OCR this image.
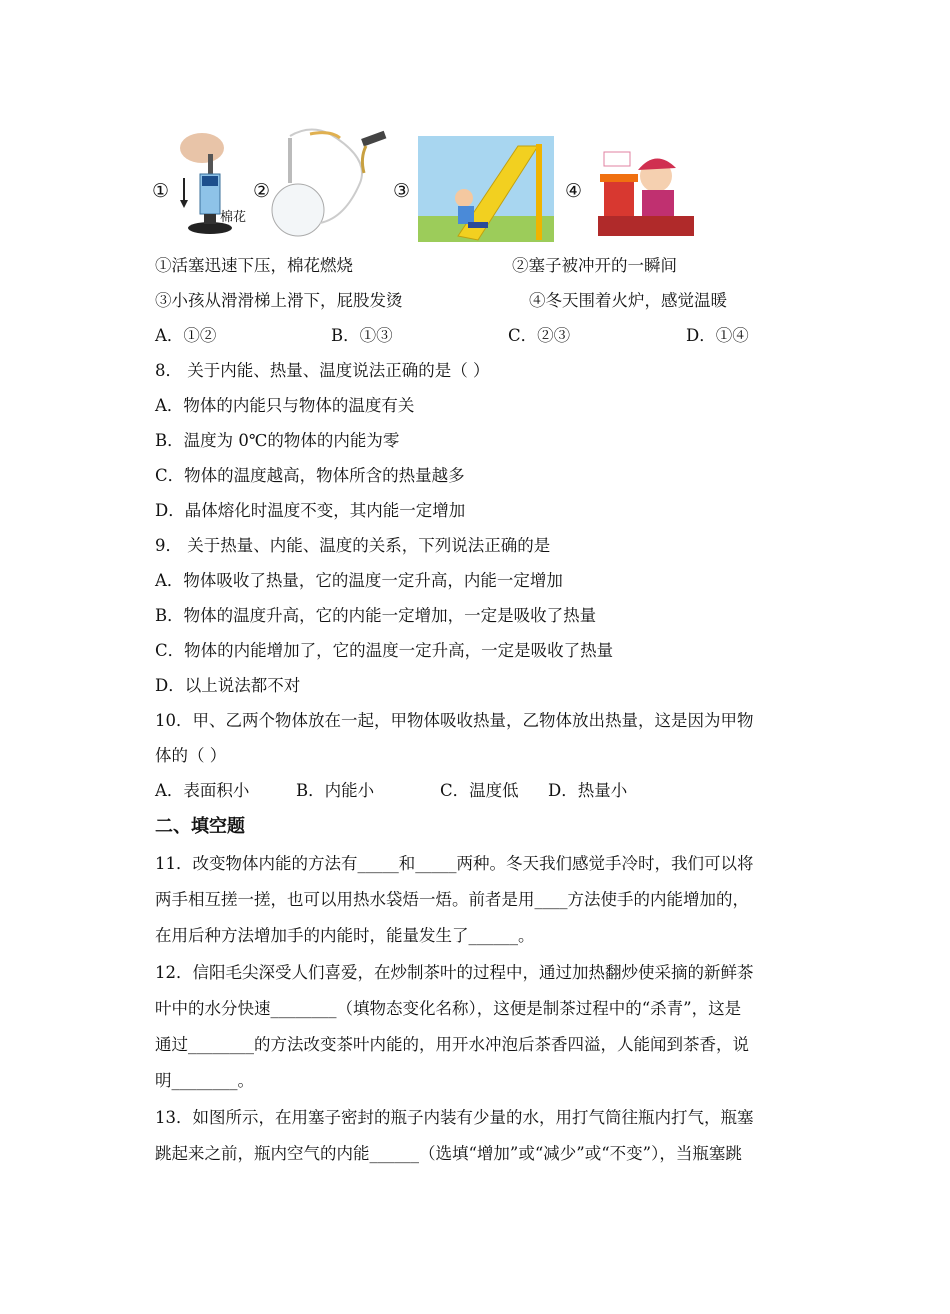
①
棉花
②	③	④
①活塞迅速下压，棉花燃烧	②塞子被冲开的一瞬间
③小孩从滑滑梯上滑下，屁股发烫	④冬天围着火炉，感觉温暖
A．①②	B．①③	C．②③	D．①④
8． 关于内能、热量、温度说法正确的是（ ）
A．物体的内能只与物体的温度有关
B．温度为 0℃的物体的内能为零
C．物体的温度越高，物体所含的热量越多
D．晶体熔化时温度不变，其内能一定增加
9． 关于热量、内能、温度的关系，下列说法正确的是
A．物体吸收了热量，它的温度一定升高，内能一定增加
B．物体的温度升高，它的内能一定增加，一定是吸收了热量
C．物体的内能增加了，它的温度一定升高，一定是吸收了热量
D．以上说法都不对
10．甲、乙两个物体放在一起，甲物体吸收热量，乙物体放出热量，这是因为甲物
体的（ ）
A．表面积小	B．内能小	C．温度低 D．热量小
二、填空题
11．改变物体内能的方法有_____和_____两种。冬天我们感觉手冷时，我们可以将
两手相互搓一搓，也可以用热水袋焐一焐。前者是用____方法使手的内能增加的，
在用后种方法增加手的内能时，能量发生了______。
12．信阳毛尖深受人们喜爱，在炒制茶叶的过程中，通过加热翻炒使采摘的新鲜茶
叶中的水分快速________（填物态变化名称），这便是制茶过程中的“杀青”，这是
通过________的方法改变茶叶内能的，用开水冲泡后茶香四溢，人能闻到茶香，说
明________。
13．如图所示，在用塞子密封的瓶子内装有少量的水，用打气筒往瓶内打气，瓶塞
跳起来之前，瓶内空气的内能______（选填“增加”或“减少”或“不变”），当瓶塞跳
